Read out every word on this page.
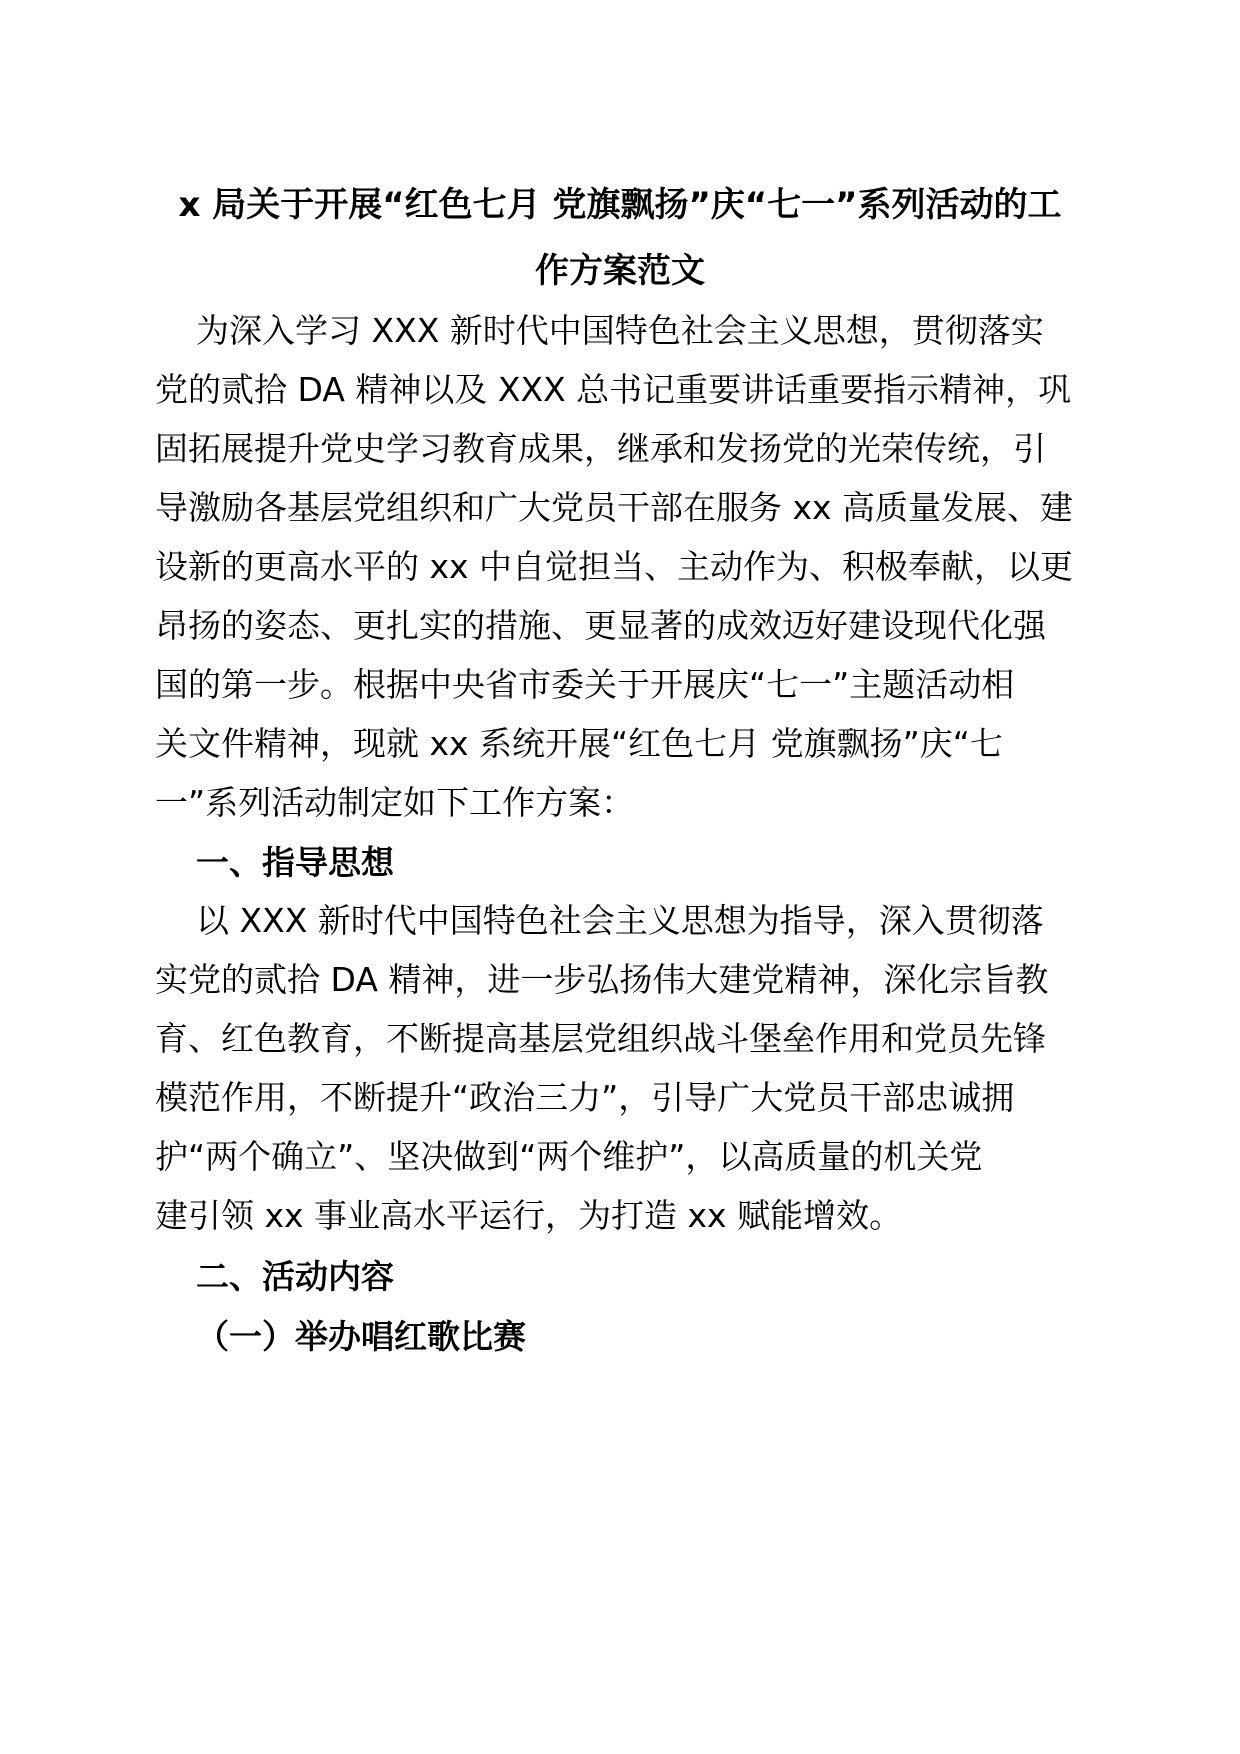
x 局关于开展“红色七月 党旗飘扬”庆“七一”系列活动的工
作方案范文
为深入学习 XXX 新时代中国特色社会主义思想，贯彻落实
党的贰拾 DA 精神以及 XXX 总书记重要讲话重要指示精神，巩
固拓展提升党史学习教育成果，继承和发扬党的光荣传统，引
导激励各基层党组织和广大党员干部在服务 xx 高质量发展、建
设新的更高水平的 xx 中自觉担当、主动作为、积极奉献，以更
昂扬的姿态、更扎实的措施、更显著的成效迈好建设现代化强
国的第一步。根据中央省市委关于开展庆“七一”主题活动相
关文件精神，现就 xx 系统开展“红色七月 党旗飘扬”庆“七
一”系列活动制定如下工作方案：
一、指导思想
以 XXX 新时代中国特色社会主义思想为指导，深入贯彻落
实党的贰拾 DA 精神，进一步弘扬伟大建党精神，深化宗旨教
育、红色教育，不断提高基层党组织战斗堡垒作用和党员先锋
模范作用，不断提升“政治三力”，引导广大党员干部忠诚拥
护“两个确立”、坚决做到“两个维护”，以高质量的机关党
建引领 xx 事业高水平运行，为打造 xx 赋能增效。
二、活动内容
（一）举办唱红歌比赛
